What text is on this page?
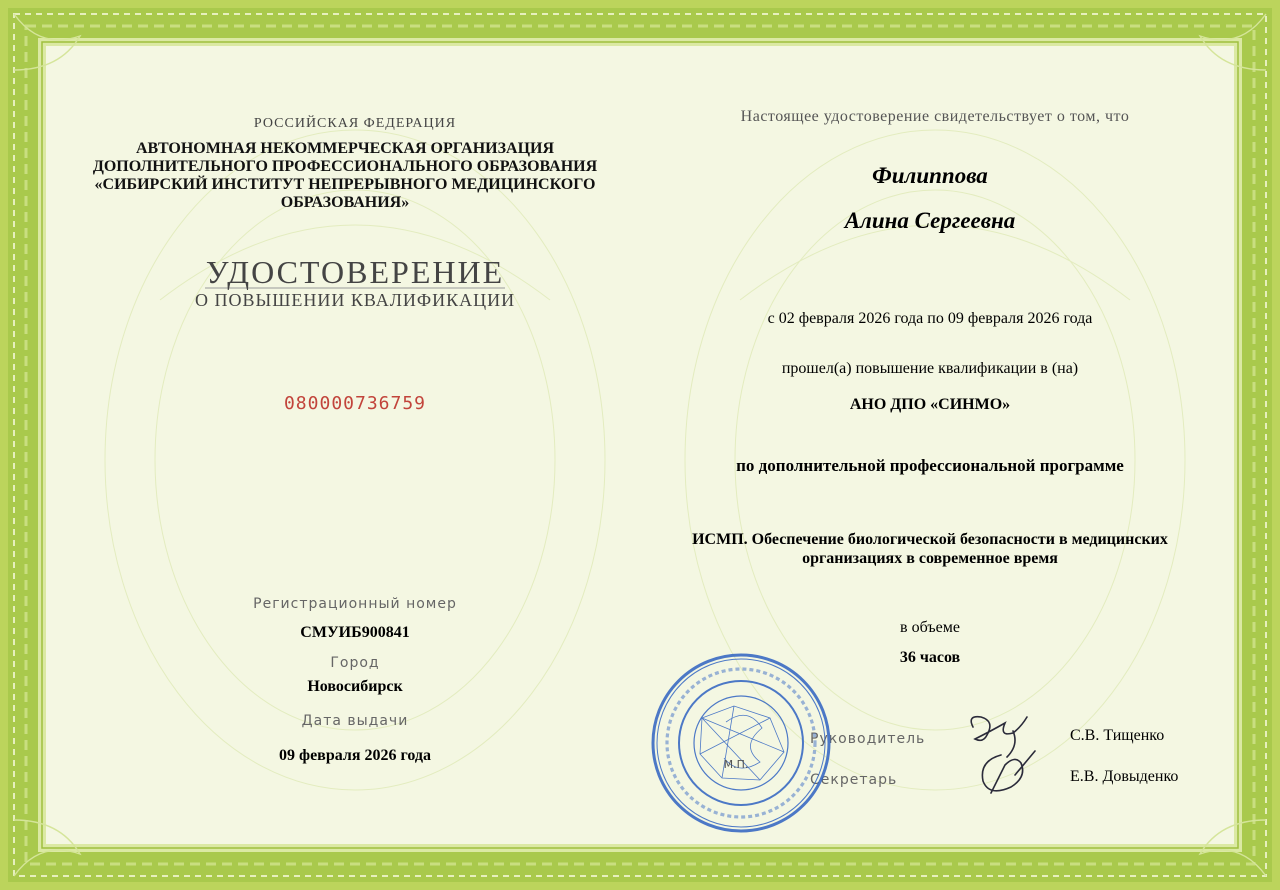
РОССИЙСКАЯ ФЕДЕРАЦИЯ

АВТОНОМНАЯ НЕКОММЕРЧЕСКАЯ ОРГАНИЗАЦИЯ ДОПОЛНИТЕЛЬНОГО ПРОФЕССИОНАЛЬНОГО ОБРАЗОВАНИЯ «СИБИРСКИЙ ИНСТИТУТ НЕПРЕРЫВНОГО МЕДИЦИНСКОГО ОБРАЗОВАНИЯ»

УДОСТОВЕРЕНИЕ

О ПОВЫШЕНИИ КВАЛИФИКАЦИИ

080000736759

Регистрационный номер

СМУИБ900841

Город

Новосибирск

Дата выдачи

09 февраля 2026 года

Настоящее удостоверение свидетельствует о том, что

Филиппова

Алина Сергеевна

с 02 февраля 2026 года по 09 февраля 2026 года

прошел(а) повышение квалификации в (на)

АНО ДПО «СИНМО»

по дополнительной профессиональной программе

ИСМП. Обеспечение биологической безопасности в медицинских организациях в современное время

в объеме

36 часов

Руководитель

Секретарь

С.В. Тищенко

Е.В. Довыденко

М.П.
